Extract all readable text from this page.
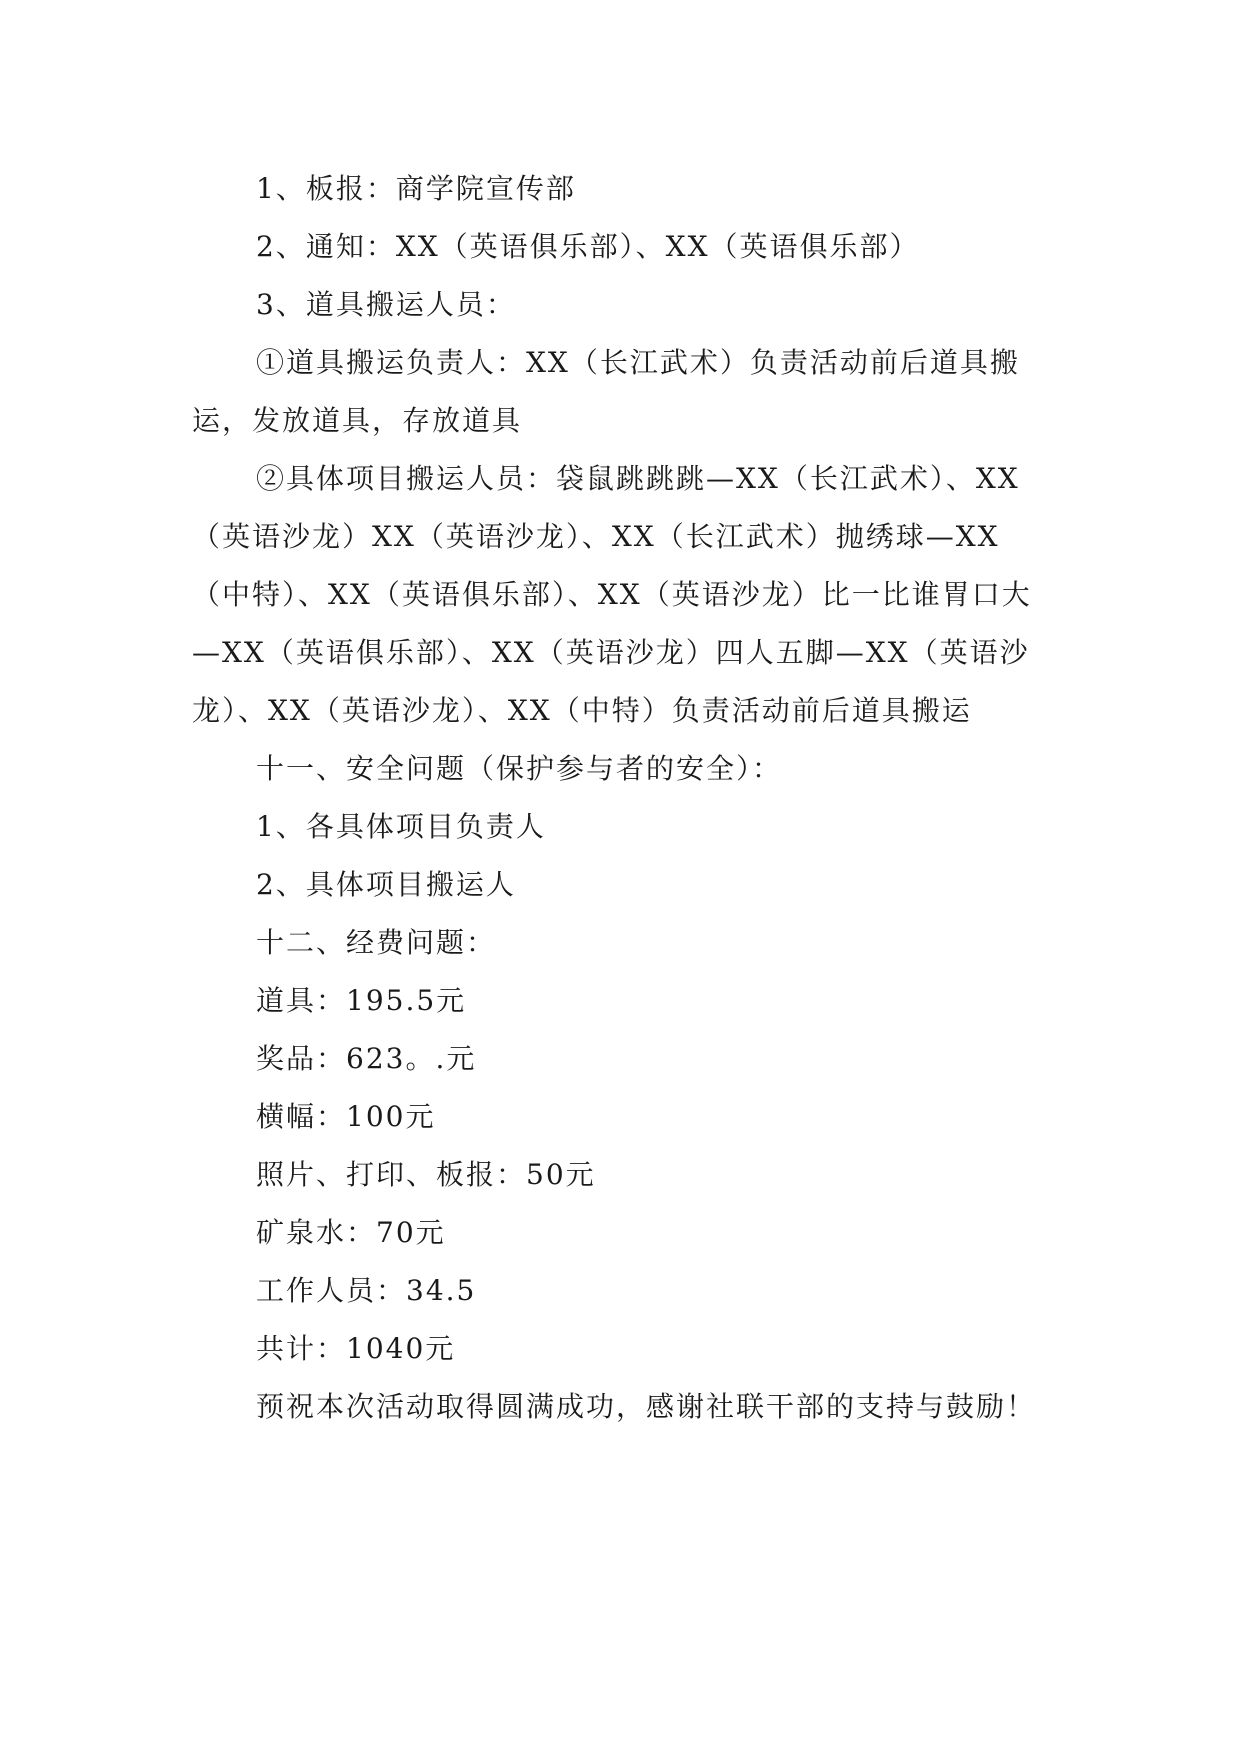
1、板报：商学院宣传部

2、通知：XX（英语俱乐部）、XX（英语俱乐部）

3、道具搬运人员：

①道具搬运负责人：XX（长江武术）负责活动前后道具搬运，发放道具，存放道具

②具体项目搬运人员：袋鼠跳跳跳—XX（长江武术）、XX（英语沙龙）XX（英语沙龙）、XX（长江武术）抛绣球—XX（中特）、XX（英语俱乐部）、XX（英语沙龙）比一比谁胃口大—XX（英语俱乐部）、XX（英语沙龙）四人五脚—XX（英语沙龙）、XX（英语沙龙）、XX（中特）负责活动前后道具搬运

十一、安全问题（保护参与者的安全）：

1、各具体项目负责人

2、具体项目搬运人

十二、经费问题：

道具：195.5元

奖品：623。.元

横幅：100元

照片、打印、板报：50元

矿泉水：70元

工作人员：34.5

共计：1040元

预祝本次活动取得圆满成功，感谢社联干部的支持与鼓励！
